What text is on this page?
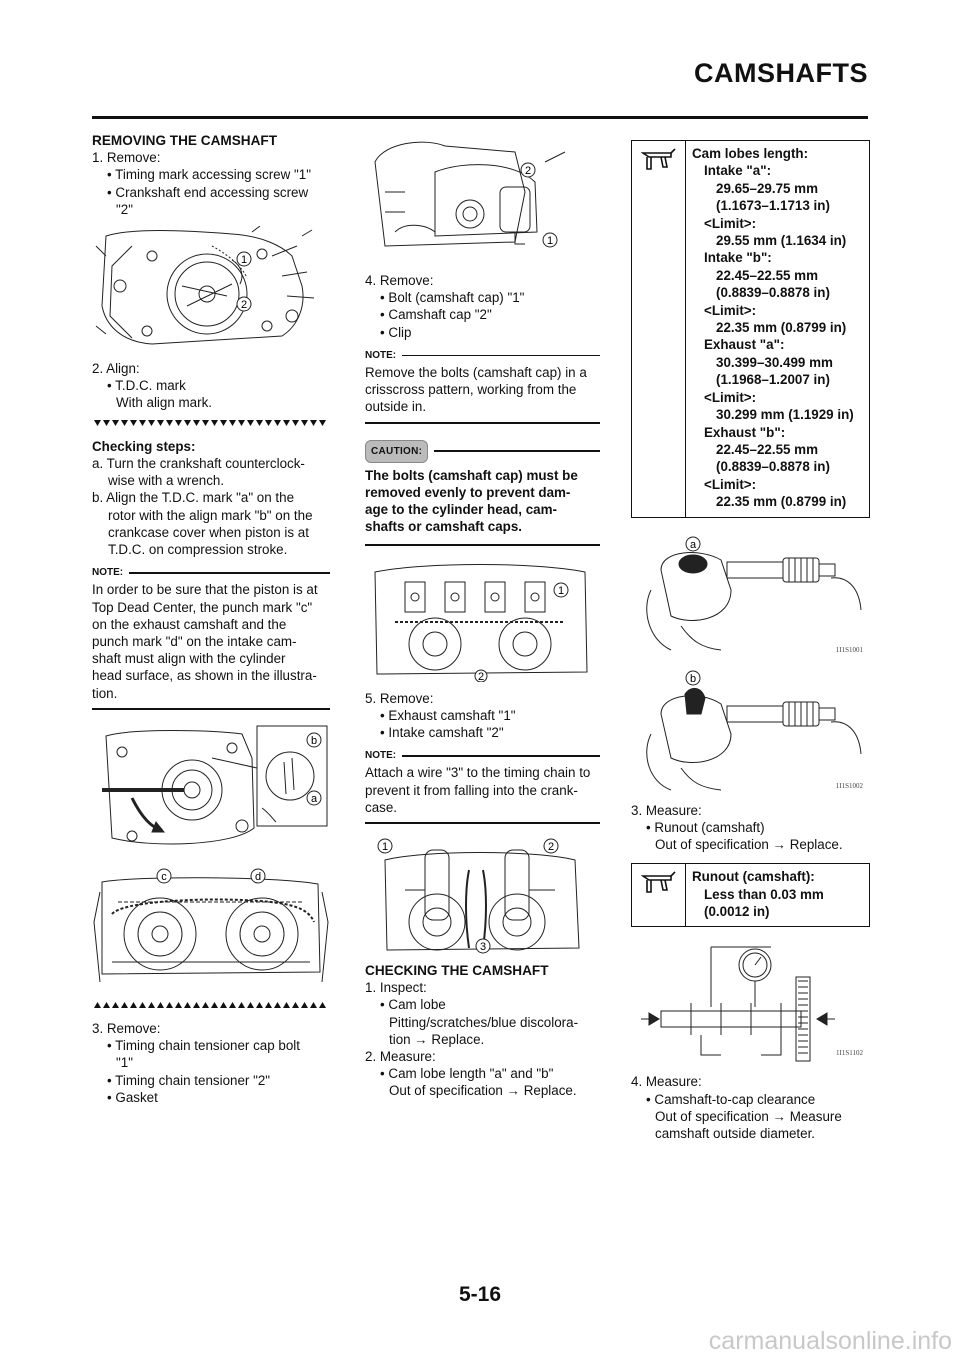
CAMSHAFTS
REMOVING THE CAMSHAFT
1. Remove:
• Timing mark accessing screw "1"
• Crankshaft end accessing screw
"2"
1
2
2. Align:
• T.D.C. mark
With align mark.
Checking steps:
a. Turn the crankshaft counterclock-
wise with a wrench.
b. Align the T.D.C. mark "a" on the
rotor with the align mark "b" on the
crankcase cover when piston is at
T.D.C. on compression stroke.
NOTE:
In order to be sure that the piston is at
Top Dead Center, the punch mark "c"
on the exhaust camshaft and the
punch mark "d" on the intake cam-
shaft must align with the cylinder
head surface, as shown in the illustra-
tion.
b
a
c	d
3. Remove:
• Timing chain tensioner cap bolt
"1"
• Timing chain tensioner "2"
• Gasket
2
1
4. Remove:
• Bolt (camshaft cap) "1"
• Camshaft cap "2"
• Clip
NOTE:
Remove the bolts (camshaft cap) in a
crisscross pattern, working from the
outside in.
CAUTION:
The bolts (camshaft cap) must be
removed evenly to prevent dam-
age to the cylinder head, cam-
shafts or camshaft caps.
1
2
5. Remove:
• Exhaust camshaft "1"
• Intake camshaft "2"
NOTE:
Attach a wire "3" to the timing chain to
prevent it from falling into the crank-
case.
1	2
3
CHECKING THE CAMSHAFT
1. Inspect:
• Cam lobe
Pitting/scratches/blue discolora-
tion → Replace.
2. Measure:
• Cam lobe length "a" and "b"
Out of specification → Replace.
Cam lobes length:
Intake "a":
29.65–29.75 mm
(1.1673–1.1713 in)
<Limit>:
29.55 mm (1.1634 in)
Intake "b":
22.45–22.55 mm
(0.8839–0.8878 in)
<Limit>:
22.35 mm (0.8799 in)
Exhaust "a":
30.399–30.499 mm
(1.1968–1.2007 in)
<Limit>:
30.299 mm (1.1929 in)
Exhaust "b":
22.45–22.55 mm
(0.8839–0.8878 in)
<Limit>:
22.35 mm (0.8799 in)
a
1I1S1001
b
1I1S1002
3. Measure:
• Runout (camshaft)
Out of specification → Replace.
Runout (camshaft):
Less than 0.03 mm
(0.0012 in)
1I1S1102
4. Measure:
• Camshaft-to-cap clearance
Out of specification → Measure
camshaft outside diameter.
5-16
carmanualsonline.info
